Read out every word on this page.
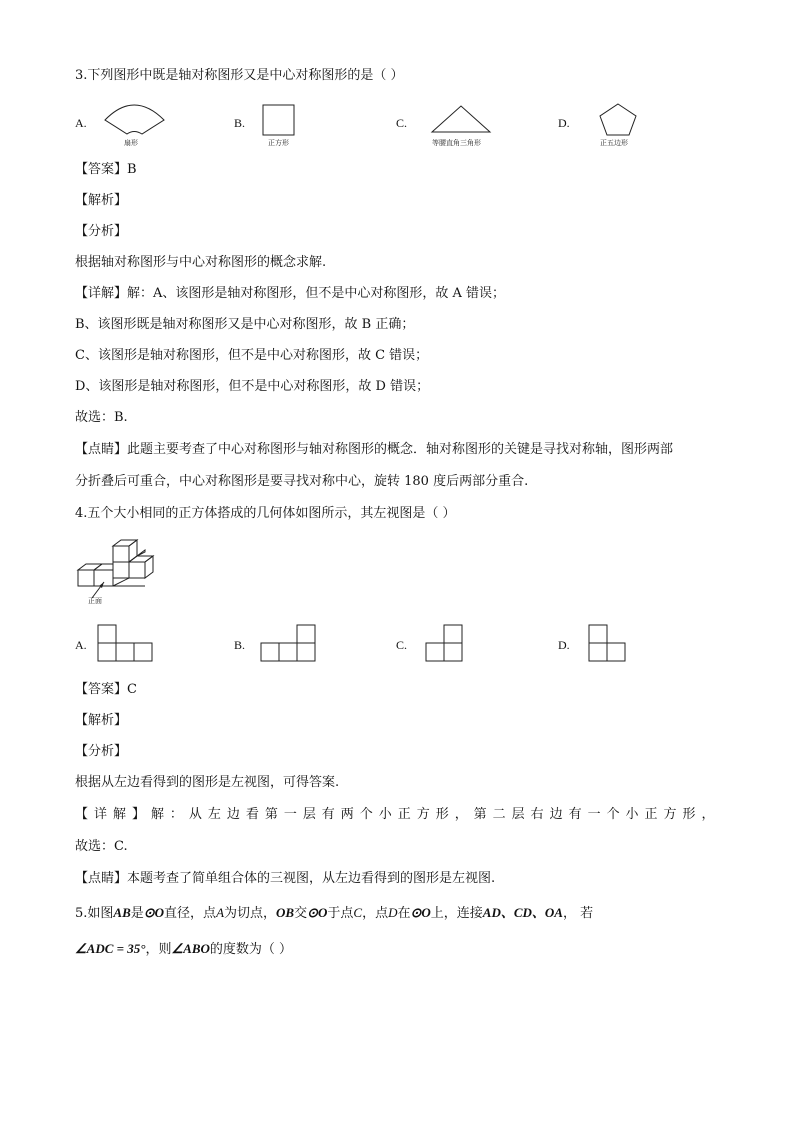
3.下列图形中既是轴对称图形又是中心对称图形的是（ ）
A.
扇形
B.
正方形
C.
等腰直角三角形
D.
正五边形
【答案】B
【解析】
【分析】
根据轴对称图形与中心对称图形的概念求解.
【详解】解：A、该图形是轴对称图形，但不是中心对称图形，故 A 错误；
B、该图形既是轴对称图形又是中心对称图形，故 B 正确；
C、该图形是轴对称图形，但不是中心对称图形，故 C 错误；
D、该图形是轴对称图形，但不是中心对称图形，故 D 错误；
故选：B.
【点睛】此题主要考查了中心对称图形与轴对称图形的概念．轴对称图形的关键是寻找对称轴，图形两部
分折叠后可重合，中心对称图形是要寻找对称中心，旋转 180 度后两部分重合.
4.五个大小相同的正方体搭成的几何体如图所示，其左视图是（ ）
正面
A.	B.	C.	D.
【答案】C
【解析】
【分析】
根据从左边看得到的图形是左视图，可得答案.
【 详 解 】 解 ： 从 左 边 看 第 一 层 有 两 个 小 正 方 形 ， 第 二 层 右 边 有 一 个 小 正 方 形 ，
故选：C.
【点睛】本题考查了简单组合体的三视图，从左边看得到的图形是左视图.
5.如图AB是⊙O直径，点A为切点，OB交⊙O于点C，点D在⊙O上，连接AD、CD、OA， 若
∠ADC = 35°，则∠ABO的度数为（ ）
